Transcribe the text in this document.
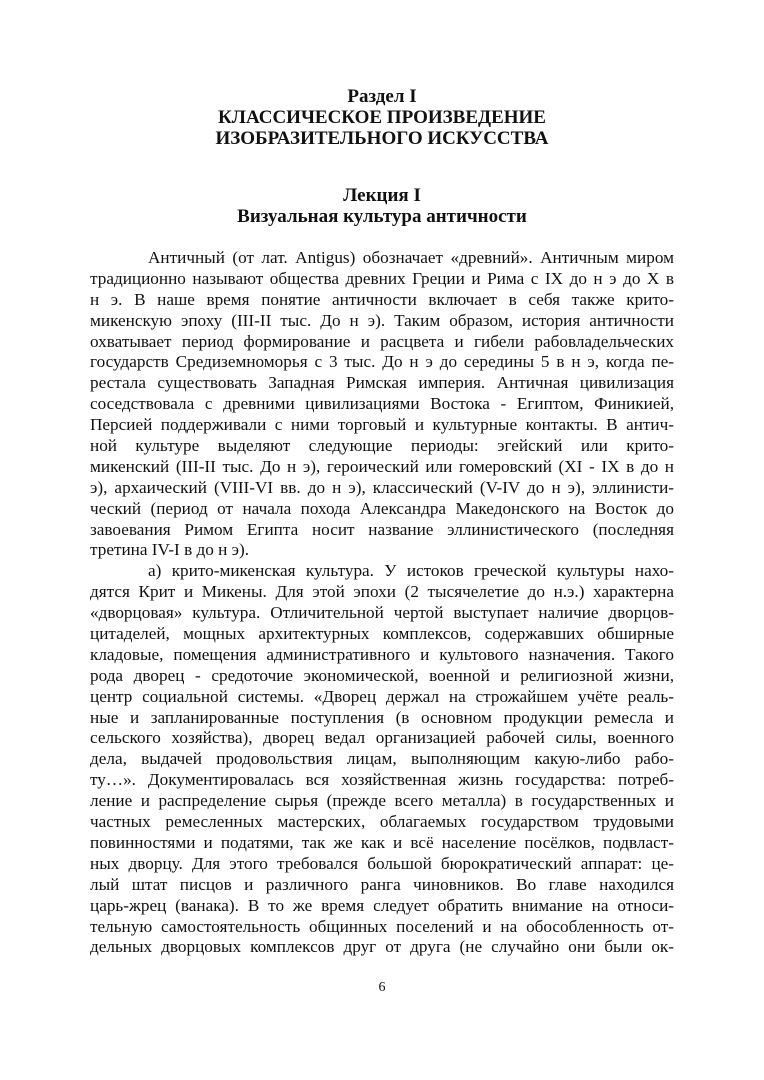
Раздел I
КЛАССИЧЕСКОЕ ПРОИЗВЕДЕНИЕ
ИЗОБРАЗИТЕЛЬНОГО ИСКУССТВА
Лекция I
Визуальная культура античности
Античный (от лат. Antigus) обозначает «древний». Античным миром
традиционно называют общества древних Греции и Рима с IX до н э до X в
н э. В наше время понятие античности включает в себя также крито-
микенскую эпоху (III-II тыс. До н э). Таким образом, история античности
охватывает период формирование и расцвета и гибели рабовладельческих
государств Средиземноморья с 3 тыс. До н э до середины 5 в н э, когда пе-
рестала существовать Западная Римская империя. Античная цивилизация
соседствовала с древними цивилизациями Востока - Египтом, Финикией,
Персией поддерживали с ними торговый и культурные контакты. В антич-
ной культуре выделяют следующие периоды: эгейский или крито-
микенский (III-II тыс. До н э), героический или гомеровский (XI - IX в до н
э), архаический (VIII-VI вв. до н э), классический (V-IV до н э), эллинисти-
ческий (период от начала похода Александра Македонского на Восток до
завоевания Римом Египта носит название эллинистического (последняя
третина IV-I в до н э).
а) крито-микенская культура. У истоков греческой культуры нахо-
дятся Крит и Микены. Для этой эпохи (2 тысячелетие до н.э.) характерна
«дворцовая» культура. Отличительной чертой выступает наличие дворцов-
цитаделей, мощных архитектурных комплексов, содержавших обширные
кладовые, помещения административного и культового назначения. Такого
рода дворец - средоточие экономической, военной и религиозной жизни,
центр социальной системы. «Дворец держал на строжайшем учёте реаль-
ные и запланированные поступления (в основном продукции ремесла и
сельского хозяйства), дворец ведал организацией рабочей силы, военного
дела, выдачей продовольствия лицам, выполняющим какую-либо рабо-
ту…». Документировалась вся хозяйственная жизнь государства: потреб-
ление и распределение сырья (прежде всего металла) в государственных и
частных ремесленных мастерских, облагаемых государством трудовыми
повинностями и податями, так же как и всё население посёлков, подвласт-
ных дворцу. Для этого требовался большой бюрократический аппарат: це-
лый штат писцов и различного ранга чиновников. Во главе находился
царь-жрец (ванака). В то же время следует обратить внимание на относи-
тельную самостоятельность общинных поселений и на обособленность от-
дельных дворцовых комплексов друг от друга (не случайно они были ок-
6
